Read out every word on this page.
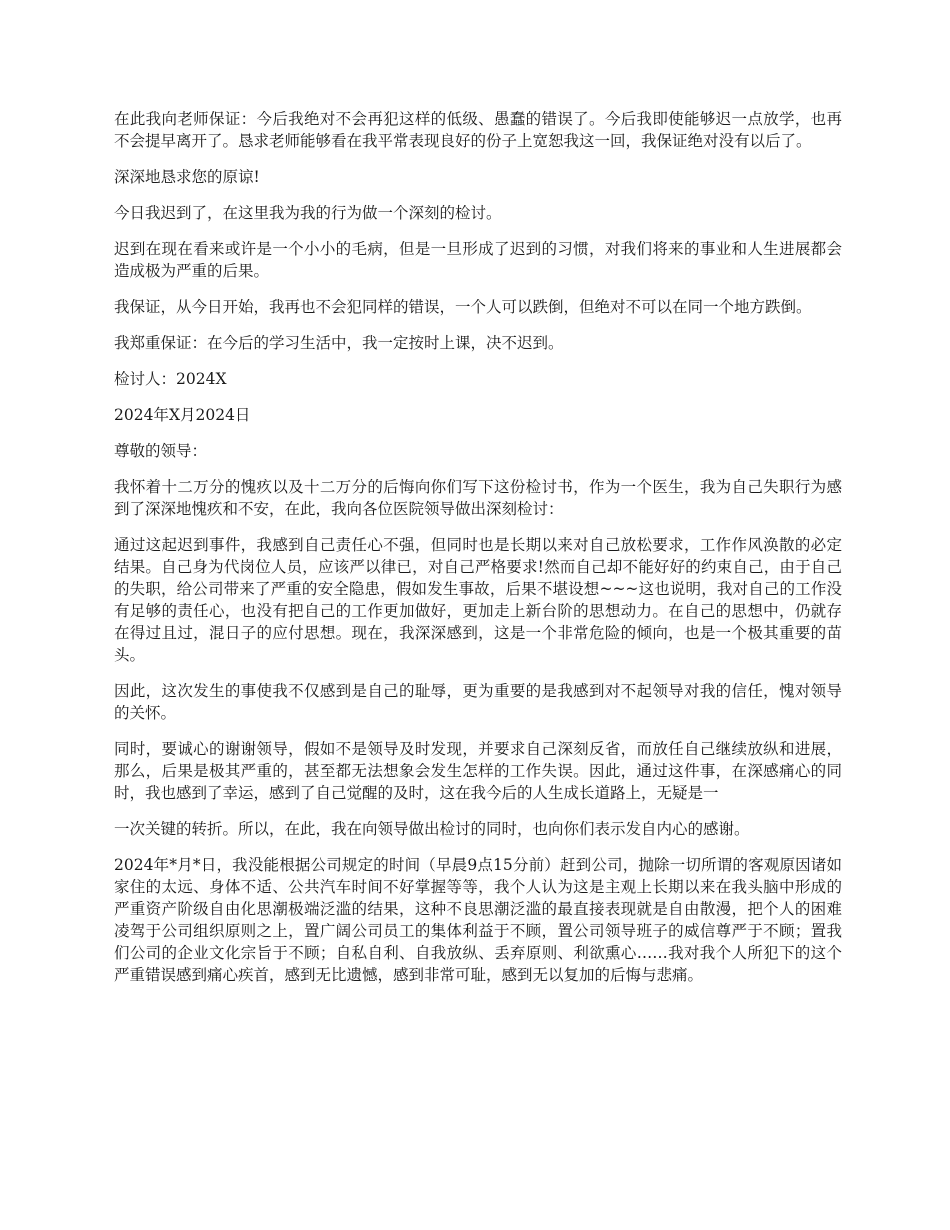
在此我向老师保证：今后我绝对不会再犯这样的低级、愚蠢的错误了。今后我即使能够迟一点放学，也再不会提早离开了。恳求老师能够看在我平常表现良好的份子上宽恕我这一回，我保证绝对没有以后了。

深深地恳求您的原谅!

今日我迟到了，在这里我为我的行为做一个深刻的检讨。

迟到在现在看来或许是一个小小的毛病，但是一旦形成了迟到的习惯，对我们将来的事业和人生进展都会造成极为严重的后果。

我保证，从今日开始，我再也不会犯同样的错误，一个人可以跌倒，但绝对不可以在同一个地方跌倒。

我郑重保证：在今后的学习生活中，我一定按时上课，决不迟到。

检讨人：2024X

2024年X月2024日

尊敬的领导：

我怀着十二万分的愧疚以及十二万分的后悔向你们写下这份检讨书，作为一个医生，我为自己失职行为感到了深深地愧疚和不安，在此，我向各位医院领导做出深刻检讨：

通过这起迟到事件，我感到自己责任心不强，但同时也是长期以来对自己放松要求，工作作风涣散的必定结果。自己身为代岗位人员，应该严以律已，对自己严格要求!然而自己却不能好好的约束自己，由于自己的失职，给公司带来了严重的安全隐患，假如发生事故，后果不堪设想~~~这也说明，我对自己的工作没有足够的责任心，也没有把自己的工作更加做好，更加走上新台阶的思想动力。在自己的思想中，仍就存在得过且过，混日子的应付思想。现在，我深深感到，这是一个非常危险的倾向，也是一个极其重要的苗头。

因此，这次发生的事使我不仅感到是自己的耻辱，更为重要的是我感到对不起领导对我的信任，愧对领导的关怀。

同时，要诚心的谢谢领导，假如不是领导及时发现，并要求自己深刻反省，而放任自己继续放纵和进展，那么，后果是极其严重的，甚至都无法想象会发生怎样的工作失误。因此，通过这件事，在深感痛心的同时，我也感到了幸运，感到了自己觉醒的及时，这在我今后的人生成长道路上，无疑是一

一次关键的转折。所以，在此，我在向领导做出检讨的同时，也向你们表示发自内心的感谢。

2024年*月*日，我没能根据公司规定的时间（早晨9点15分前）赶到公司，抛除一切所谓的客观原因诸如家住的太远、身体不适、公共汽车时间不好掌握等等，我个人认为这是主观上长期以来在我头脑中形成的严重资产阶级自由化思潮极端泛滥的结果，这种不良思潮泛滥的最直接表现就是自由散漫，把个人的困难凌驾于公司组织原则之上，置广阔公司员工的集体利益于不顾，置公司领导班子的威信尊严于不顾；置我们公司的企业文化宗旨于不顾；自私自利、自我放纵、丢弃原则、利欲熏心……我对我个人所犯下的这个严重错误感到痛心疾首，感到无比遗憾，感到非常可耻，感到无以复加的后悔与悲痛。
